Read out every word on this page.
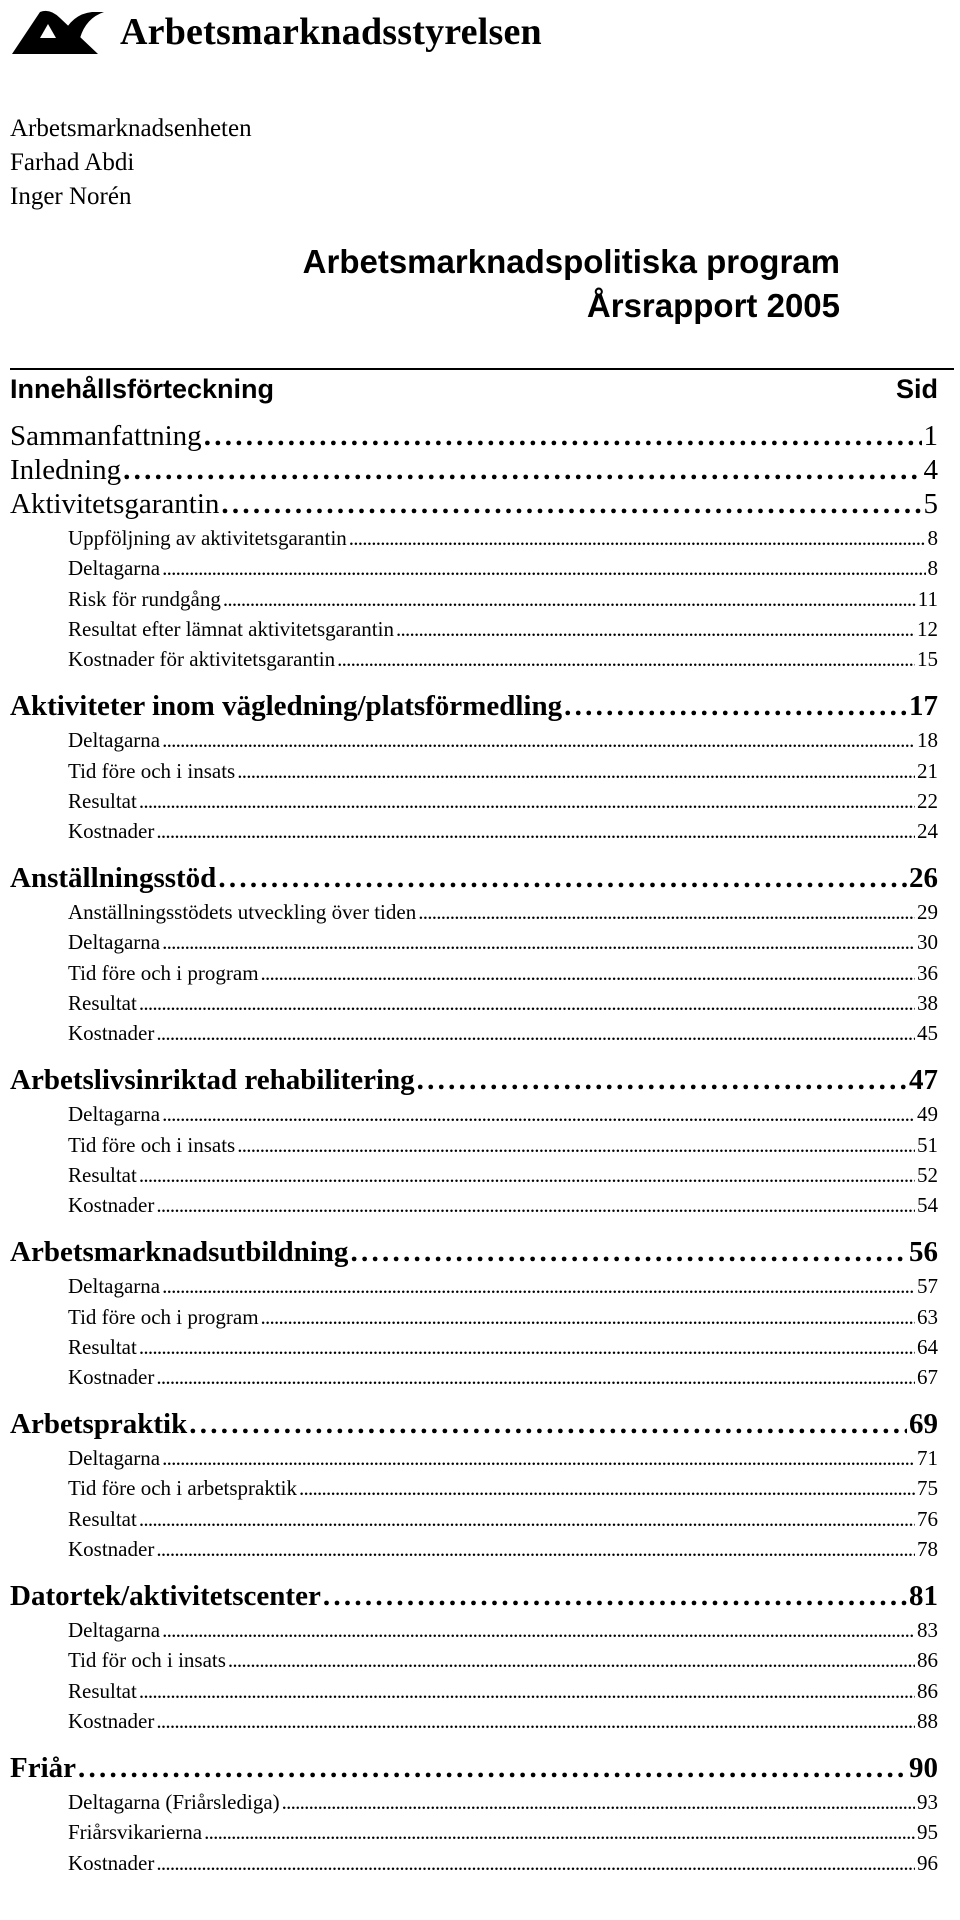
Arbetsmarknadsstyrelsen
Arbetsmarknadsenheten
Farhad Abdi
Inger Norén
Arbetsmarknadspolitiska program
Årsrapport 2005
Innehållsförteckning	Sid
Sammanfattning . . .	1
Inledning . . .	4
Aktivitetsgarantin . . .	5
Uppföljning av aktivitetsgarantin . . .	8
Deltagarna . . .	8
Risk för rundgång . . .	11
Resultat efter lämnat aktivitetsgarantin . . .	12
Kostnader för aktivitetsgarantin . . .	15
Aktiviteter inom vägledning/platsförmedling . . .	17
Deltagarna . . .	18
Tid före och i insats . . .	21
Resultat . . .	22
Kostnader . . .	24
Anställningsstöd . . .	26
Anställningsstödets utveckling över tiden . . .	29
Deltagarna . . .	30
Tid före och i program . . .	36
Resultat . . .	38
Kostnader . . .	45
Arbetslivsinriktad rehabilitering . . .	47
Deltagarna . . .	49
Tid före och i insats . . .	51
Resultat . . .	52
Kostnader . . .	54
Arbetsmarknadsutbildning . . .	56
Deltagarna . . .	57
Tid före och i program . . .	63
Resultat . . .	64
Kostnader . . .	67
Arbetspraktik . . .	69
Deltagarna . . .	71
Tid före och i arbetspraktik . . .	75
Resultat . . .	76
Kostnader . . .	78
Datortek/aktivitetscenter . . .	81
Deltagarna . . .	83
Tid för och i insats . . .	86
Resultat . . .	86
Kostnader . . .	88
Friår . . .	90
Deltagarna (Friårslediga) . . .	93
Friårsvikarierna . . .	95
Kostnader . . .	96
